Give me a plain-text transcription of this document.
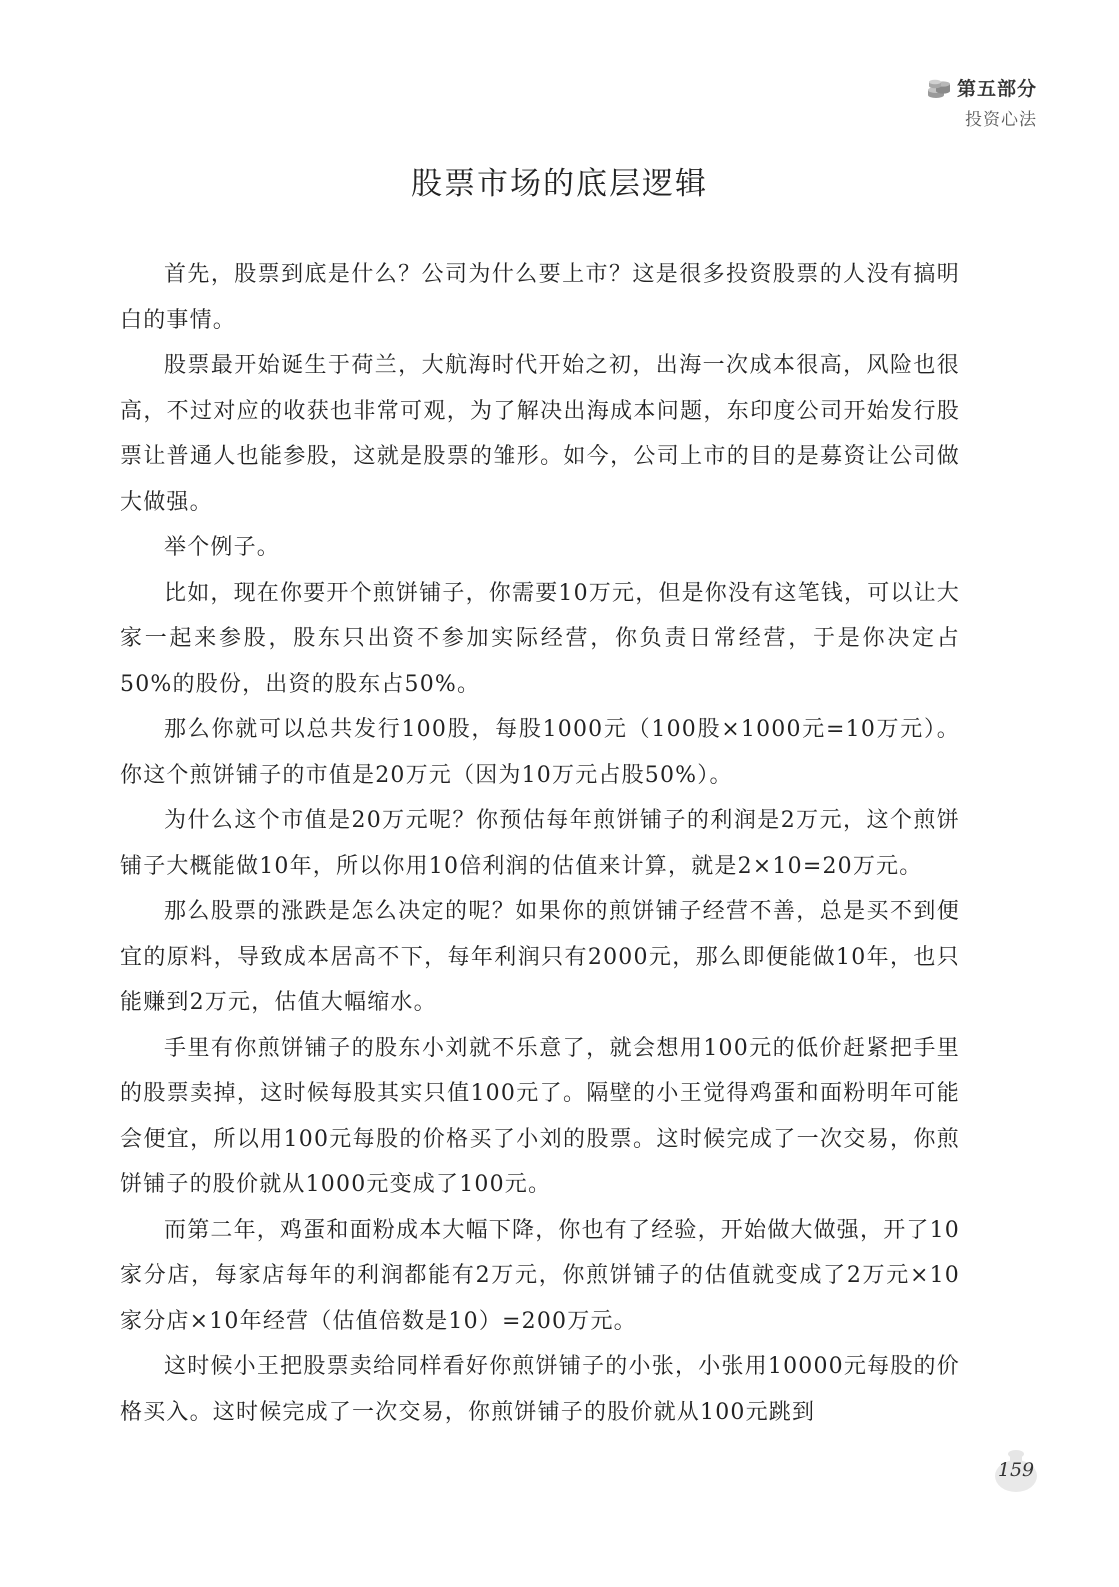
第五部分
投资心法
股票市场的底层逻辑

首先，股票到底是什么？公司为什么要上市？这是很多投资股票的人没有搞明白的事情。

股票最开始诞生于荷兰，大航海时代开始之初，出海一次成本很高，风险也很高，不过对应的收获也非常可观，为了解决出海成本问题，东印度公司开始发行股票让普通人也能参股，这就是股票的雏形。如今，公司上市的目的是募资让公司做大做强。

举个例子。

比如，现在你要开个煎饼铺子，你需要10万元，但是你没有这笔钱，可以让大家一起来参股，股东只出资不参加实际经营，你负责日常经营，于是你决定占50%的股份，出资的股东占50%。

那么你就可以总共发行100股，每股1000元（100股×1000元=10万元）。你这个煎饼铺子的市值是20万元（因为10万元占股50%）。

为什么这个市值是20万元呢？你预估每年煎饼铺子的利润是2万元，这个煎饼铺子大概能做10年，所以你用10倍利润的估值来计算，就是2×10=20万元。

那么股票的涨跌是怎么决定的呢？如果你的煎饼铺子经营不善，总是买不到便宜的原料，导致成本居高不下，每年利润只有2000元，那么即便能做10年，也只能赚到2万元，估值大幅缩水。

手里有你煎饼铺子的股东小刘就不乐意了，就会想用100元的低价赶紧把手里的股票卖掉，这时候每股其实只值100元了。隔壁的小王觉得鸡蛋和面粉明年可能会便宜，所以用100元每股的价格买了小刘的股票。这时候完成了一次交易，你煎饼铺子的股价就从1000元变成了100元。

而第二年，鸡蛋和面粉成本大幅下降，你也有了经验，开始做大做强，开了10家分店，每家店每年的利润都能有2万元，你煎饼铺子的估值就变成了2万元×10家分店×10年经营（估值倍数是10）=200万元。

这时候小王把股票卖给同样看好你煎饼铺子的小张，小张用10000元每股的价格买入。这时候完成了一次交易，你煎饼铺子的股价就从100元跳到

159
